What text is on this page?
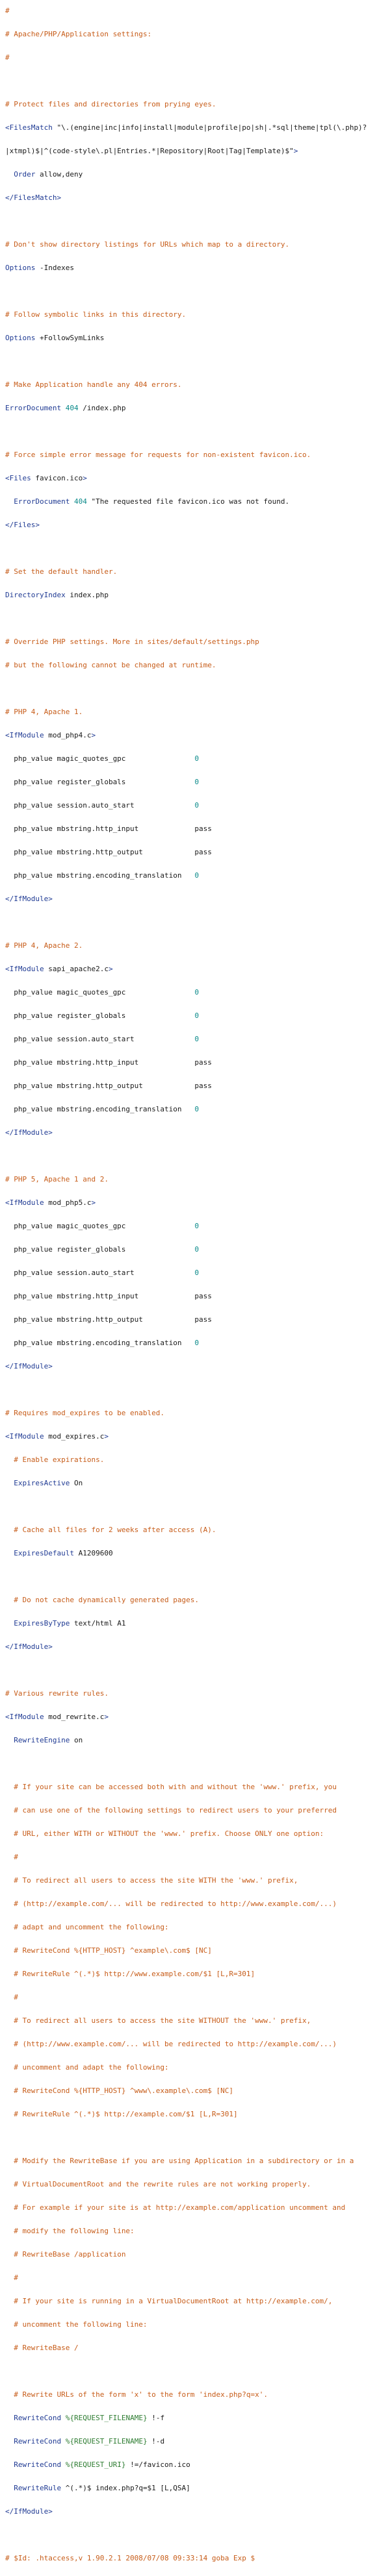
#

# Apache/PHP/Application settings:

#

# Protect files and directories from prying eyes.

<FilesMatch "\.(engine|inc|info|install|module|profile|po|sh|.*sql|theme|tpl(\.php)?

|xtmpl)$|^(code-style\.pl|Entries.*|Repository|Root|Tag|Template)$">

Order allow,deny

</FilesMatch>

# Don't show directory listings for URLs which map to a directory.

Options -Indexes

# Follow symbolic links in this directory.

Options +FollowSymLinks

# Make Application handle any 404 errors.

ErrorDocument 404 /index.php

# Force simple error message for requests for non-existent favicon.ico.

<Files favicon.ico>

ErrorDocument 404 "The requested file favicon.ico was not found.

</Files>

# Set the default handler.

DirectoryIndex index.php

# Override PHP settings. More in sites/default/settings.php

# but the following cannot be changed at runtime.

# PHP 4, Apache 1.

<IfModule mod_php4.c>

php_value magic_quotes_gpc                0

php_value register_globals                0

php_value session.auto_start              0

php_value mbstring.http_input             pass

php_value mbstring.http_output            pass

php_value mbstring.encoding_translation   0

</IfModule>

# PHP 4, Apache 2.

<IfModule sapi_apache2.c>

php_value magic_quotes_gpc                0

php_value register_globals                0

php_value session.auto_start              0

php_value mbstring.http_input             pass

php_value mbstring.http_output            pass

php_value mbstring.encoding_translation   0

</IfModule>

# PHP 5, Apache 1 and 2.

<IfModule mod_php5.c>

php_value magic_quotes_gpc                0

php_value register_globals                0

php_value session.auto_start              0

php_value mbstring.http_input             pass

php_value mbstring.http_output            pass

php_value mbstring.encoding_translation   0

</IfModule>

# Requires mod_expires to be enabled.

<IfModule mod_expires.c>

# Enable expirations.

ExpiresActive On

# Cache all files for 2 weeks after access (A).

ExpiresDefault A1209600

# Do not cache dynamically generated pages.

ExpiresByType text/html A1

</IfModule>

# Various rewrite rules.

<IfModule mod_rewrite.c>

RewriteEngine on

# If your site can be accessed both with and without the 'www.' prefix, you

# can use one of the following settings to redirect users to your preferred

# URL, either WITH or WITHOUT the 'www.' prefix. Choose ONLY one option:

#

# To redirect all users to access the site WITH the 'www.' prefix,

# (http://example.com/... will be redirected to http://www.example.com/...)

# adapt and uncomment the following:

# RewriteCond %{HTTP_HOST} ^example\.com$ [NC]

# RewriteRule ^(.*)$ http://www.example.com/$1 [L,R=301]

#

# To redirect all users to access the site WITHOUT the 'www.' prefix,

# (http://www.example.com/... will be redirected to http://example.com/...)

# uncomment and adapt the following:

# RewriteCond %{HTTP_HOST} ^www\.example\.com$ [NC]

# RewriteRule ^(.*)$ http://example.com/$1 [L,R=301]

# Modify the RewriteBase if you are using Application in a subdirectory or in a

# VirtualDocumentRoot and the rewrite rules are not working properly.

# For example if your site is at http://example.com/application uncomment and

# modify the following line:

# RewriteBase /application

#

# If your site is running in a VirtualDocumentRoot at http://example.com/,

# uncomment the following line:

# RewriteBase /

# Rewrite URLs of the form 'x' to the form 'index.php?q=x'.

RewriteCond %{REQUEST_FILENAME} !-f

RewriteCond %{REQUEST_FILENAME} !-d

RewriteCond %{REQUEST_URI} !=/favicon.ico

RewriteRule ^(.*)$ index.php?q=$1 [L,QSA]

</IfModule>

# $Id: .htaccess,v 1.90.2.1 2008/07/08 09:33:14 goba Exp $
